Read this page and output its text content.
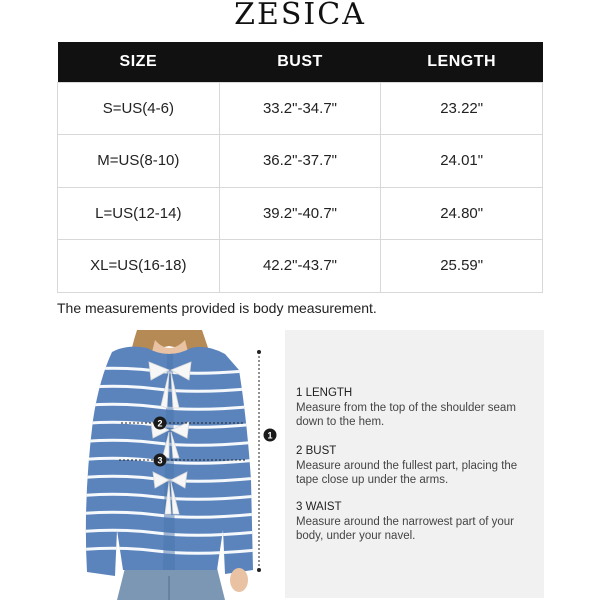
ZESICA
SIZE	BUST	LENGTH
S=US(4-6)	33.2"-34.7"	23.22"
M=US(8-10)	36.2"-37.7"	24.01"
L=US(12-14)	39.2"-40.7"	24.80"
XL=US(16-18)	42.2"-43.7"	25.59"
The measurements provided is body measurement.
2
3
1
1 LENGTH
Measure from the top of the shoulder seam down to the hem.
2 BUST
Measure around the fullest part, placing the tape close up under the arms.
3 WAIST
Measure around the narrowest part of your body, under your navel.
